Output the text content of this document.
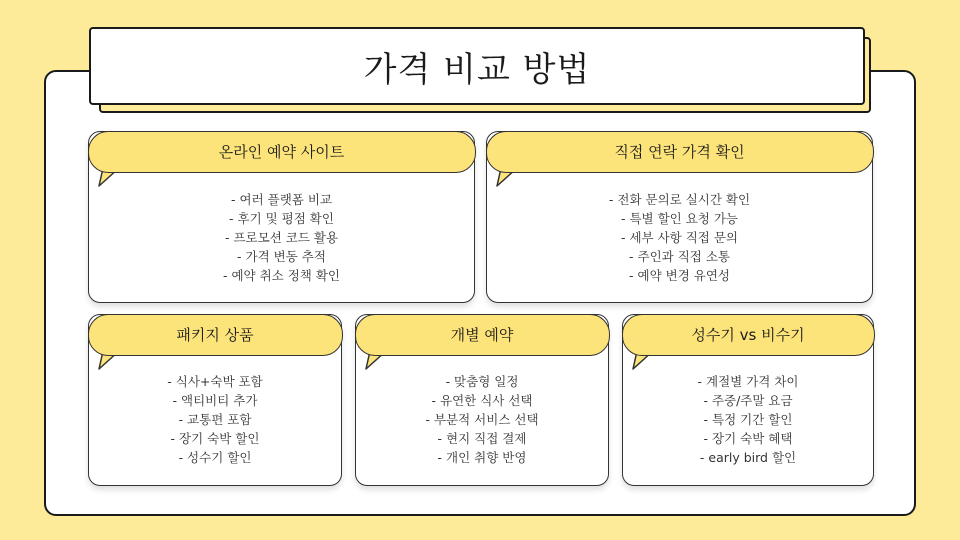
가격 비교 방법
온라인 예약 사이트
- 여러 플랫폼 비교
- 후기 및 평점 확인
- 프로모션 코드 활용
- 가격 변동 추적
- 예약 취소 정책 확인
직접 연락 가격 확인
- 전화 문의로 실시간 확인
- 특별 할인 요청 가능
- 세부 사항 직접 문의
- 주인과 직접 소통
- 예약 변경 유연성
패키지 상품
- 식사+숙박 포함
- 액티비티 추가
- 교통편 포함
- 장기 숙박 할인
- 성수기 할인
개별 예약
- 맞춤형 일정
- 유연한 식사 선택
- 부분적 서비스 선택
- 현지 직접 결제
- 개인 취향 반영
성수기 vs 비수기
- 계절별 가격 차이
- 주중/주말 요금
- 특정 기간 할인
- 장기 숙박 혜택
- early bird 할인
